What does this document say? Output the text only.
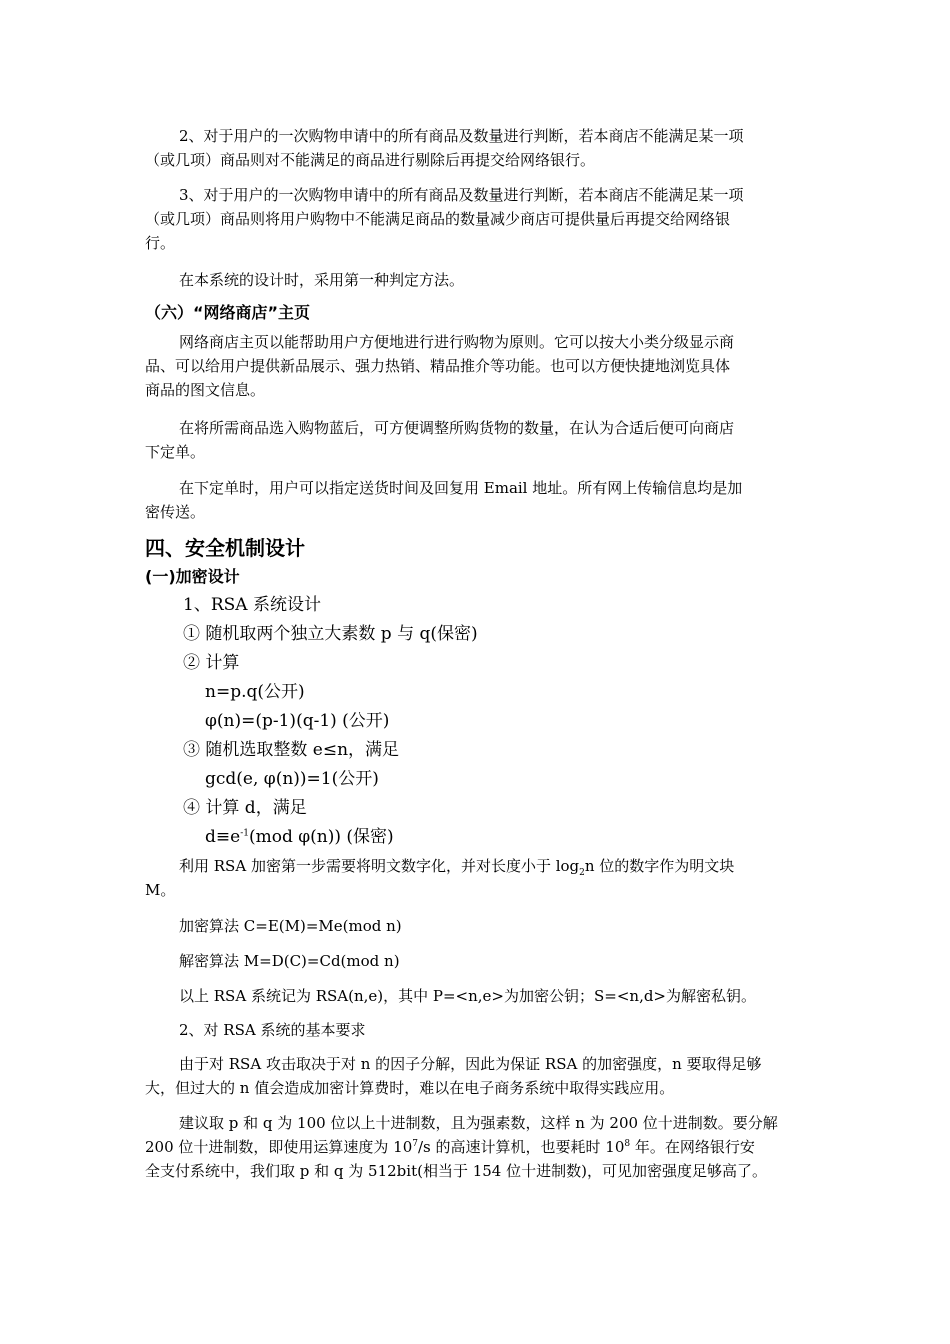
2、对于用户的一次购物申请中的所有商品及数量进行判断，若本商店不能满足某一项
（或几项）商品则对不能满足的商品进行剔除后再提交给网络银行。

3、对于用户的一次购物申请中的所有商品及数量进行判断，若本商店不能满足某一项
（或几项）商品则将用户购物中不能满足商品的数量减少商店可提供量后再提交给网络银
行。

在本系统的设计时，采用第一种判定方法。

（六）“网络商店”主页

网络商店主页以能帮助用户方便地进行进行购物为原则。它可以按大小类分级显示商
品、可以给用户提供新品展示、强力热销、精品推介等功能。也可以方便快捷地浏览具体
商品的图文信息。

在将所需商品选入购物蓝后，可方便调整所购货物的数量，在认为合适后便可向商店
下定单。

在下定单时，用户可以指定送货时间及回复用 Email 地址。所有网上传输信息均是加
密传送。

四、安全机制设计
(一)加密设计

1、RSA 系统设计

① 随机取两个独立大素数 p 与 q(保密)

② 计算

n=p.q(公开)

φ(n)=(p-1)(q-1) (公开)

③ 随机选取整数 e≤n，满足

gcd(e, φ(n))=1(公开)

④ 计算 d，满足

$d\equiv e^{-1}(mod$ φ(n)) (保密)

利用 RSA 加密第一步需要将明文数字化，并对长度小于 $\log_2n$ 位的数字作为明文块
M。

加密算法 C=E(M)=Me(mod n)

解密算法 M=D(C)=Cd(mod n)

以上 RSA 系统记为 RSA(n,e)，其中 P=<n,e>为加密公钥；S=<n,d>为解密私钥。

2、对 RSA 系统的基本要求

由于对 RSA 攻击取决于对 n 的因子分解，因此为保证 RSA 的加密强度，n 要取得足够
大，但过大的 n 值会造成加密计算费时，难以在电子商务系统中取得实践应用。

建议取 p 和 q 为 100 位以上十进制数，且为强素数，这样 n 为 200 位十进制数。要分解
200 位十进制数，即使用运算速度为 $10^7/s$ 的高速计算机，也要耗时 $10^8$ 年。在网络银行安
全支付系统中，我们取 p 和 q 为 512bit(相当于 154 位十进制数)，可见加密强度足够高了。
